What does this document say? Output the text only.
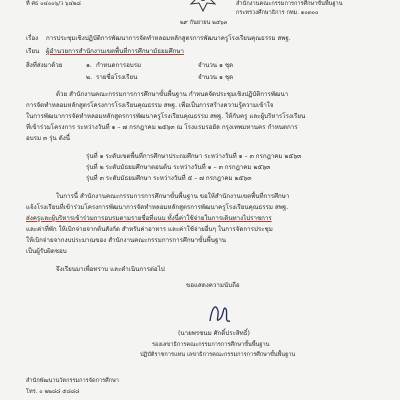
ที่ ศธ ๐๔๐๐๖/ว ๖๔๒๘	สำนักงานคณะกรรมการการศึกษาขั้นพื้นฐาน
กระทรวงศึกษาธิการ กทม. ๑๐๓๐๐
๒๙ กันยายน ๒๕๖๓
เรื่อง การประชุมเชิงปฏิบัติการพัฒนาการจัดทำหลอมหลักสูตรการพัฒนาครูโรงเรียนคุณธรรม สพฐ.
เรียน ผู้อำนวยการสำนักงานเขตพื้นที่การศึกษามัธยมศึกษา
สิ่งที่ส่งมาด้วย	๑. กำหนดการอบรม	จำนวน ๑ ชุด
๒. รายชื่อโรงเรียน	จำนวน ๑ ชุด
ด้วย สำนักงานคณะกรรมการการศึกษาขั้นพื้นฐาน กำหนดจัดประชุมเชิงปฏิบัติการพัฒนา
การจัดทำหลอมหลักสูตรโครงการโรงเรียนคุณธรรม สพฐ. เพื่อเป็นการสร้างความรู้ความเข้าใจ
ในการพัฒนาการจัดทำหลอมหลักสูตรการพัฒนาครูโรงเรียนคุณธรรม สพฐ. ให้กับครู และผู้บริหารโรงเรียน
ที่เข้าร่วมโครงการ ระหว่างวันที่ ๑ – ๗ กรกฎาคม ๒๕๖๓ ณ โรงแรมรอยัล กรุงเทพมหานคร กำหนดการ
อบรม ๓ รุ่น ดังนี้
รุ่นที่ ๑ ระดับเขตพื้นที่การศึกษาประถมศึกษา ระหว่างวันที่ ๑ – ๓ กรกฎาคม ๒๕๖๓
รุ่นที่ ๒ ระดับมัธยมศึกษาตอนต้น ระหว่างวันที่ ๑ – ๓ กรกฎาคม ๒๕๖๓
รุ่นที่ ๓ ระดับมัธยมศึกษา ระหว่างวันที่ ๕ – ๗ กรกฎาคม ๒๕๖๓
ในการนี้ สำนักงานคณะกรรมการการศึกษาขั้นพื้นฐาน ขอให้สำนักงานเขตพื้นที่การศึกษา
แจ้งโรงเรียนที่เข้าร่วมโครงการพัฒนาการจัดทำหลอมหลักสูตรการพัฒนาครูโรงเรียนคุณธรรม สพฐ.
ส่งครูและผู้บริหารเข้าร่วมการอบรมตามรายชื่อที่แนบ ทั้งนี้ค่าใช้จ่ายในการเดินทางไปราชการ
และค่าที่พัก ให้เบิกจ่ายจากต้นสังกัด สำหรับค่าอาหาร และค่าใช้จ่ายอื่นๆ ในการจัดการประชุม
ให้เบิกจ่ายจากงบประมาณของ สำนักงานคณะกรรมการการศึกษาขั้นพื้นฐาน
เป็นผู้รับผิดชอบ
จึงเรียนมาเพื่อทราบ และดำเนินการต่อไป
ขอแสดงความนับถือ
(นายพรชนม ศักดิ์ประสิทธิ์)
รองเลขาธิการคณะกรรมการการศึกษาขั้นพื้นฐาน
ปฏิบัติราชการแทน เลขาธิการคณะกรรมการการศึกษาขั้นพื้นฐาน
สำนักพัฒนานวัตกรรมการจัดการศึกษา
โทร. ๐ ๒๒๘๘ ๕๘๘๘
